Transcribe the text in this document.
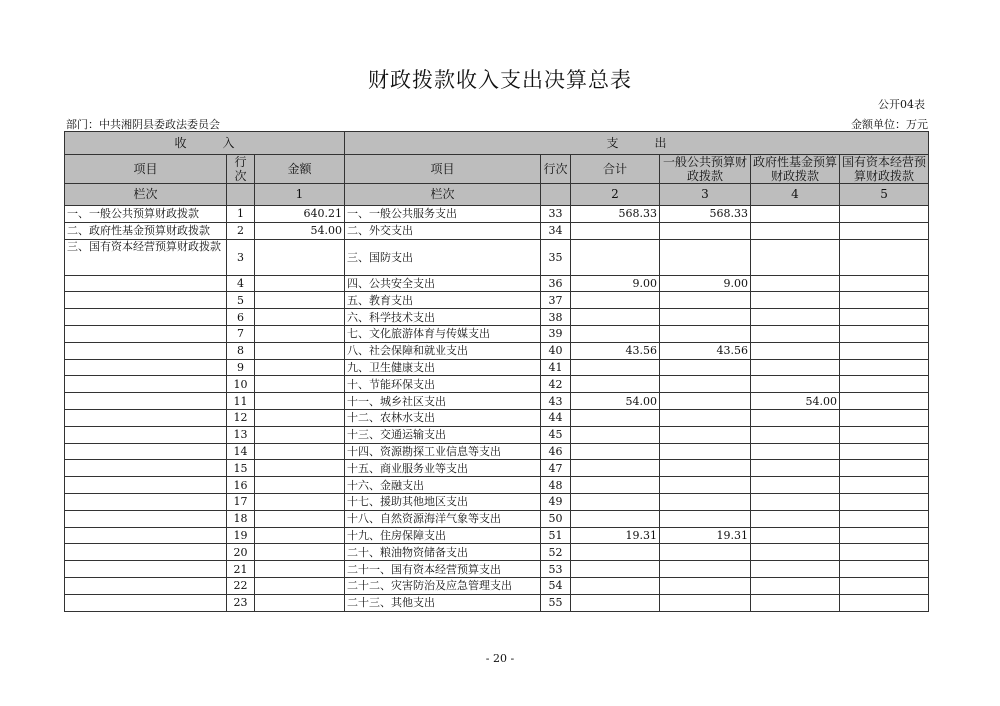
财政拨款收入支出决算总表
公开04表
部门：中共湘阴县委政法委员会	金额单位：万元
收　　　入			支　　　出					
项目	行次	金额	项目	行次	合计	一般公共预算财政拨款	政府性基金预算财政拨款	国有资本经营预算财政拨款
栏次		1	栏次		2	3	4	5
一、一般公共预算财政拨款	1	640.21	一、一般公共服务支出	33	568.33	568.33		
二、政府性基金预算财政拨款	2	54.00	二、外交支出	34				
三、国有资本经营预算财政拨款	3		三、国防支出	35				
	4		四、公共安全支出	36	9.00	9.00		
	5		五、教育支出	37				
	6		六、科学技术支出	38				
	7		七、文化旅游体育与传媒支出	39				
	8		八、社会保障和就业支出	40	43.56	43.56		
	9		九、卫生健康支出	41				
	10		十、节能环保支出	42				
	11		十一、城乡社区支出	43	54.00		54.00	
	12		十二、农林水支出	44				
	13		十三、交通运输支出	45				
	14		十四、资源勘探工业信息等支出	46				
	15		十五、商业服务业等支出	47				
	16		十六、金融支出	48				
	17		十七、援助其他地区支出	49				
	18		十八、自然资源海洋气象等支出	50				
	19		十九、住房保障支出	51	19.31	19.31		
	20		二十、粮油物资储备支出	52				
	21		二十一、国有资本经营预算支出	53				
	22		二十二、灾害防治及应急管理支出	54				
	23		二十三、其他支出	55				
- 20 -
